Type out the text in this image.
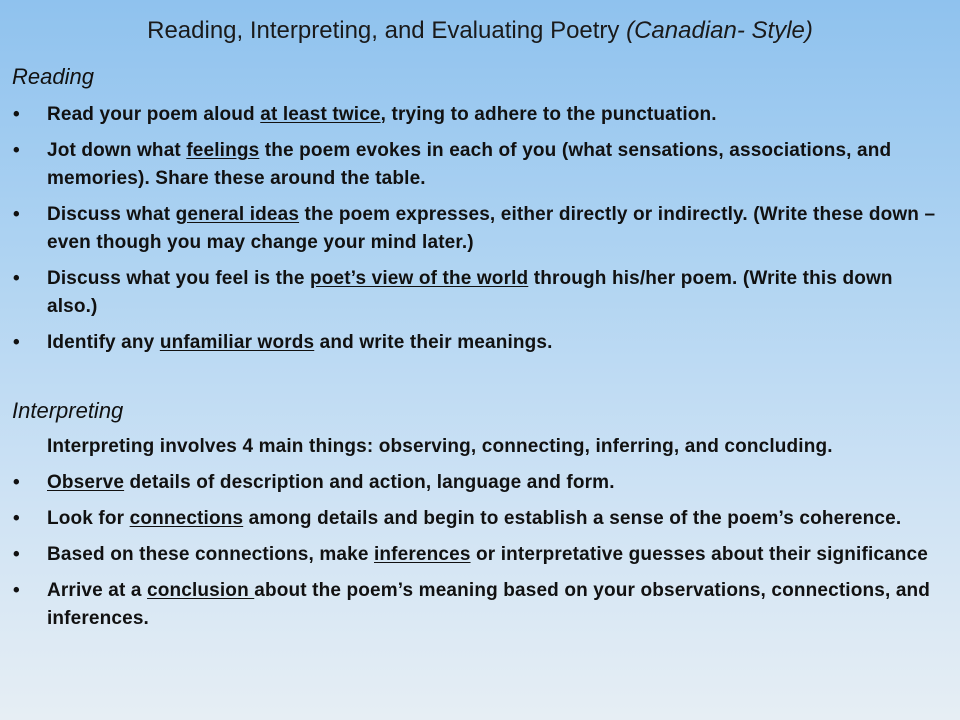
Reading, Interpreting, and Evaluating Poetry (Canadian- Style)
Reading
•	Read your poem aloud at least twice, trying to adhere to the punctuation.
•	Jot down what feelings the poem evokes in each of you (what sensations, associations, and memories). Share these around the table.
•	Discuss what general ideas the poem expresses, either directly or indirectly. (Write these down – even though you may change your mind later.)
•	Discuss what you feel is the poet’s view of the world through his/her poem. (Write this down also.)
•	Identify any unfamiliar words and write their meanings.
Interpreting
Interpreting involves 4 main things: observing, connecting, inferring, and concluding.
•	Observe details of description and action, language and form.
•	Look for connections among details and begin to establish a sense of the poem’s coherence.
•	Based on these connections, make inferences or interpretative guesses about their significance
•	Arrive at a conclusion about the poem’s meaning based on your observations, connections, and inferences.
